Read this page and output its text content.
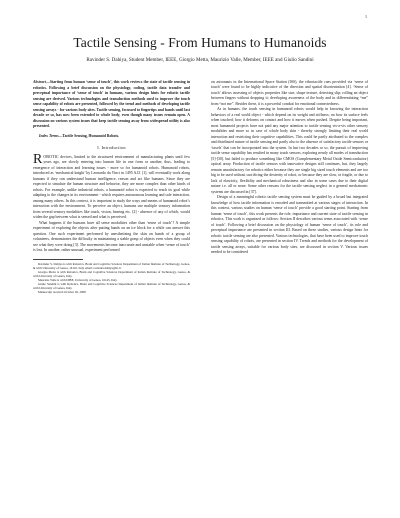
1
Tactile Sensing - From Humans to Humanoids
Ravinder S. Dahiya, Student Member, IEEE, Giorgio Metta, Maurizio Valle, Member, IEEE and Giulio Sandini

Abstract—Starting from human ‘sense of touch’, this work reviews the state of tactile sensing in robotics. Following a brief discussion on the physiology, coding, tactile data transfer and perceptual importance of ‘sense of touch’ in humans, various design hints for robotic tactile sensing are derived. Various technologies and transduction methods used to improve the touch sense capability of robots are presented, followed by the trend and methods of developing tactile sensing arrays - for various body sites. Tactile sensing, focussed to fingertips and hands until last decade or so, has now been extended to whole body, even though many issues remain open. A discussion on various system issues that keep tactile sensing away from widespread utility is also presented.

Index Terms—Tactile Sensing, Humanoid Robots.

I. Introduction

ROBOTIC devices, limited to the structured environment of manufacturing plants until few years ago, are slowly entering into human life in one form or another, thus, leading to emergence of interaction and learning issues - more so for humanoid robots. Humanoid robots, introduced as ‘mechanical knight’ by Leonardo da Vinci in 1495 A.D. [1], will eventually work along humans if they can understand human intelligence, reason and act like humans. Since they are expected to simulate the human structure and behavior, they are more complex than other kinds of robots. For example, unlike industrial robots, a humanoid robot is expected to reach its goal while adapting to the changes in its environment - which requires autonomous learning and safe interaction, among many others. In this context, it is important to study the ways and means of humanoid robot’s interaction with the environment. To perceive an object, humans use multiple sensory information from several sensory modalities like touch, vision, hearing etc. [2] - absence of any of which, would widen the gap between what is sensed and what is perceived.

What happens if the humans have all sense modalities other than ‘sense of touch’? A simple experiment of exploring the objects after putting hands on an ice block for a while can answer this question. One such experiment performed by anesthetizing the skin on hands of a group of volunteers, demonstrates the difficulty in maintaining a stable grasp of objects even when they could see what they were doing [3]. The movements become inaccurate and unstable when ‘sense of touch’ is lost. In another, rather unusual, experiment performed

Ravinder S. Dahiya is with Robotics, Brain and Cognitive Sciences Department of Italian Institute of Technology, Genoa, & with University of Genoa, 16145, Italy email: ravinder.dahiya@iit.it.

Giorgio Metta is with Robotics, Brain and Cognitive Sciences Department of Italian Institute of Technology, Genoa, & with University of Genoa, Italy.

Maurizio Valle is with DIBE, University of Genoa, 16145, Italy.

Giulio Sandini is with Robotics, Brain and Cognitive Sciences Department of Italian Institute of Technology, Genoa, & with University of Genoa, Italy.

Manuscript received October 02, 2008

on astronauts in the International Space Station (ISS), the vibrotactile cues provided via ‘sense of touch’ were found to be highly indicative of the direction and spatial disorientation [4]. ‘Sense of touch’ allows assessing of objects properties like size, shape texture, detecting slip; rolling an object between fingers without dropping it; developing awareness of the body and in differentiating “me” from “not me”. Besides these, it is a powerful conduit for emotional connectedness.

As in humans, the touch sensing in humanoid robots would help in knowing the interaction behaviors of a real world object - which depend on its weight and stiffness; on how its surface feels when touched; how it deforms on contact and how it moves when pushed. Despite being important, most humanoid projects have not paid any major attention to tactile sensing vis-a-vis other sensory modalities and more so in case of whole body skin - thereby strongly limiting their real world interaction and restricting their cognitive capabilities. This could be partly attributed to the complex and distributed nature of tactile sensing and partly also to the absence of satisfactory tactile sensors or ‘taxels’ that can be incorporated into the system. In last two decades or so, the pursuit of improving tactile sense capability has resulted in many touch sensors, exploring nearly all modes of transduction [5]-[30], but failed to produce something like CMOS (Complementary Metal Oxide Semiconductor) optical array. Production of tactile sensors with innovative designs still continues, but, they largely remain unsatisfactory for robotics either because they are single big sized touch elements and are too big to be used without sacrificing the dexterity of robot, or because they are slow, or fragile, or due to lack of elasticity, flexibility and mechanical robustness and also in some cases due to their digital nature i.e. all or none. Some other reasons for the tactile sensing neglect in a general mechatronic systems are discussed in [37].

Design of a meaningful robotic tactile sensing system must be guided by a broad but integrated knowledge of how tactile information is encoded and transmitted at various stages of interaction. In this context, various studies on human ‘sense of touch’ provide a good starting point. Starting from human ‘sense of touch’, this work presents the role, importance and current state of tactile sensing in robotics. This work is organized as follows: Section II describes various terms associated with ‘sense of touch’. Following a brief discussion on the physiology of human ‘sense of touch’, its role and perceptual importance are presented in section III. Based on these studies, various design hints for robotic tactile sensing are also presented. Various technologies, that have been used to improve touch sensing capability of robots, are presented in section IV. Trends and methods for the development of tactile sensing arrays, suitable for various body sites, are discussed in section V. Various issues needed to be considered
